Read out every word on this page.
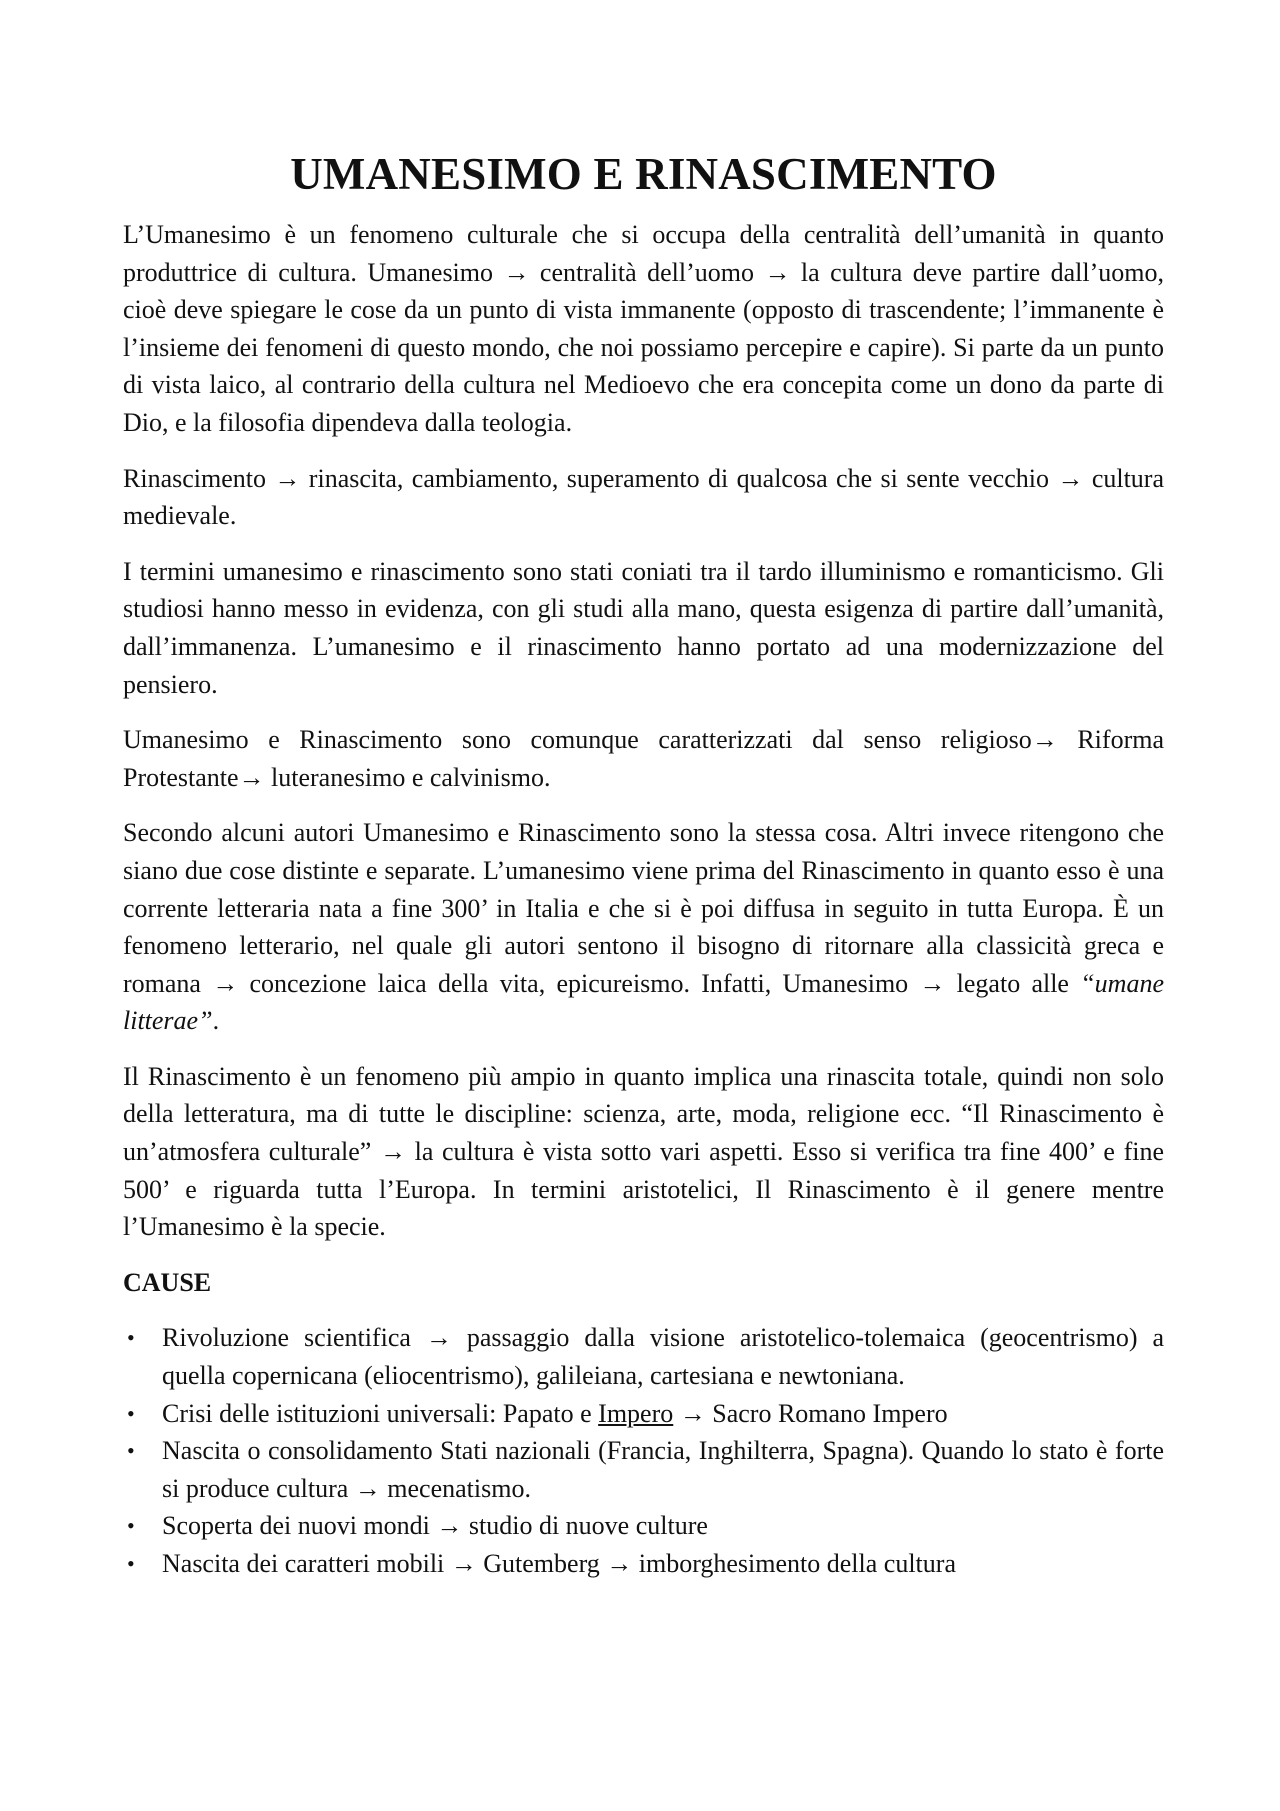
UMANESIMO E RINASCIMENTO

L’Umanesimo è un fenomeno culturale che si occupa della centralità dell’umanità in quanto produttrice di cultura. Umanesimo → centralità dell’uomo → la cultura deve partire dall’uomo, cioè deve spiegare le cose da un punto di vista immanente (opposto di trascendente; l’immanente è l’insieme dei fenomeni di questo mondo, che noi possiamo percepire e capire). Si parte da un punto di vista laico, al contrario della cultura nel Medioevo che era concepita come un dono da parte di Dio, e la filosofia dipendeva dalla teologia.

Rinascimento → rinascita, cambiamento, superamento di qualcosa che si sente vecchio → cultura medievale.

I termini umanesimo e rinascimento sono stati coniati tra il tardo illuminismo e romanticismo. Gli studiosi hanno messo in evidenza, con gli studi alla mano, questa esigenza di partire dall’umanità, dall’immanenza. L’umanesimo e il rinascimento hanno portato ad una modernizzazione del pensiero.

Umanesimo e Rinascimento sono comunque caratterizzati dal senso religioso→ Riforma Protestante→ luteranesimo e calvinismo.

Secondo alcuni autori Umanesimo e Rinascimento sono la stessa cosa. Altri invece ritengono che siano due cose distinte e separate. L’umanesimo viene prima del Rinascimento in quanto esso è una corrente letteraria nata a fine 300’ in Italia e che si è poi diffusa in seguito in tutta Europa. È un fenomeno letterario, nel quale gli autori sentono il bisogno di ritornare alla classicità greca e romana → concezione laica della vita, epicureismo. Infatti, Umanesimo → legato alle “umane litterae”.

Il Rinascimento è un fenomeno più ampio in quanto implica una rinascita totale, quindi non solo della letteratura, ma di tutte le discipline: scienza, arte, moda, religione ecc. “Il Rinascimento è un’atmosfera culturale” → la cultura è vista sotto vari aspetti. Esso si verifica tra fine 400’ e fine 500’ e riguarda tutta l’Europa. In termini aristotelici, Il Rinascimento è il genere mentre l’Umanesimo è la specie.

CAUSE
• Rivoluzione scientifica → passaggio dalla visione aristotelico-tolemaica (geocentrismo) a quella copernicana (eliocentrismo), galileiana, cartesiana e newtoniana.
• Crisi delle istituzioni universali: Papato e Impero → Sacro Romano Impero
• Nascita o consolidamento Stati nazionali (Francia, Inghilterra, Spagna). Quando lo stato è forte si produce cultura → mecenatismo.
• Scoperta dei nuovi mondi → studio di nuove culture
• Nascita dei caratteri mobili → Gutemberg → imborghesimento della cultura
